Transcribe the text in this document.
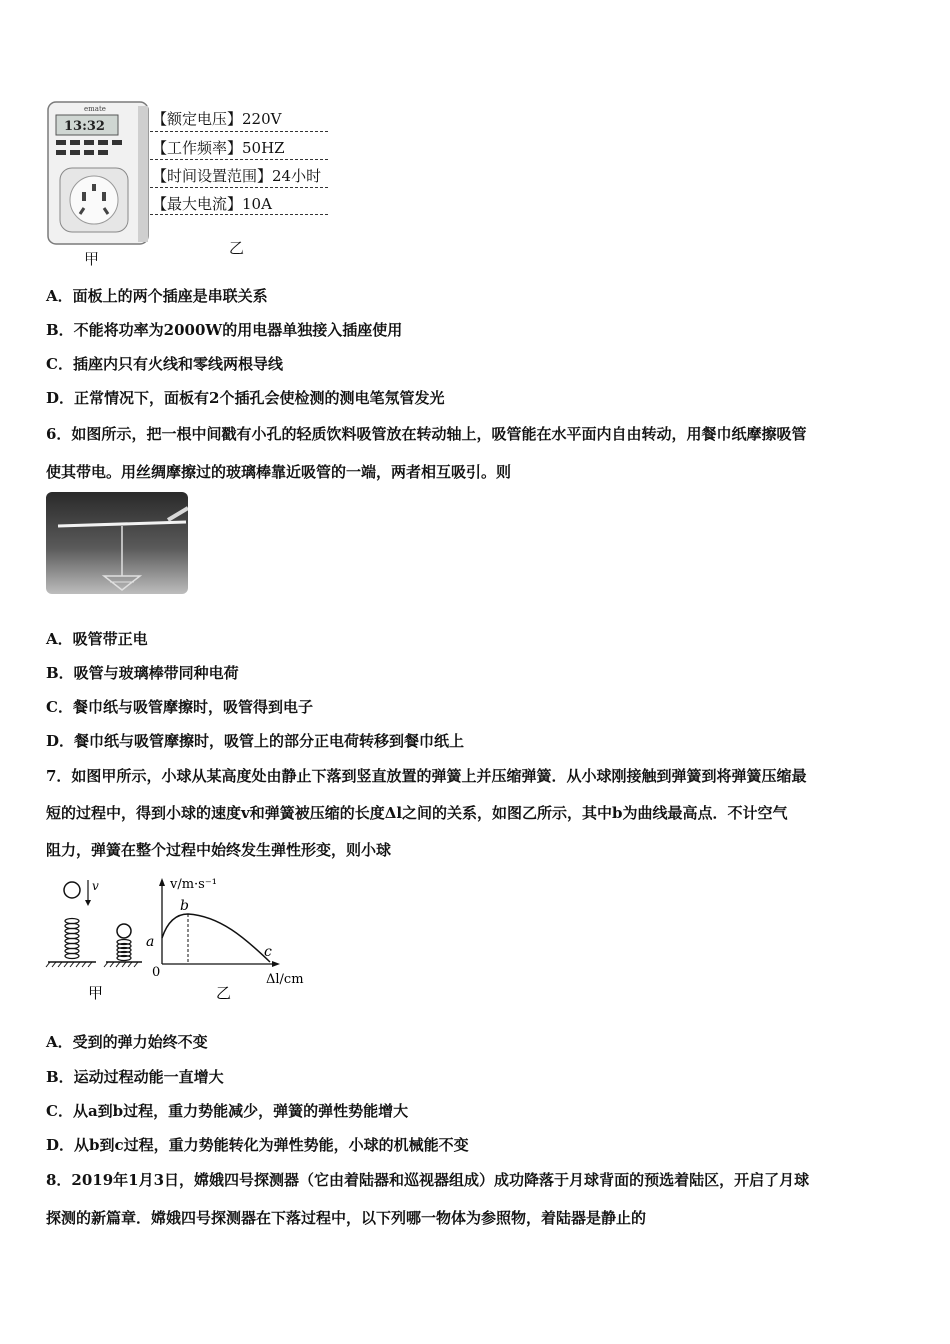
emate
13:32
甲
乙
【额定电压】220V
【工作频率】50HZ
【时间设置范围】24小时
【最大电流】10A
A．面板上的两个插座是串联关系
B．不能将功率为2000W的用电器单独接入插座使用
C．插座内只有火线和零线两根导线
D．正常情况下，面板有2个插孔会使检测的测电笔氖管发光
6．如图所示，把一根中间戳有小孔的轻质饮料吸管放在转动轴上，吸管能在水平面内自由转动，用餐巾纸摩擦吸管
使其带电。用丝绸摩擦过的玻璃棒靠近吸管的一端，两者相互吸引。则
A．吸管带正电
B．吸管与玻璃棒带同种电荷
C．餐巾纸与吸管摩擦时，吸管得到电子
D．餐巾纸与吸管摩擦时，吸管上的部分正电荷转移到餐巾纸上
7．如图甲所示，小球从某高度处由静止下落到竖直放置的弹簧上并压缩弹簧．从小球刚接触到弹簧到将弹簧压缩最
短的过程中，得到小球的速度v和弹簧被压缩的长度Δl之间的关系，如图乙所示，其中b为曲线最高点．不计空气
阻力，弹簧在整个过程中始终发生弹性形变，则小球
v	v/m·s⁻¹
Δl/cm
0
a
b
c
甲	乙
A．受到的弹力始终不变
B．运动过程动能一直增大
C．从a到b过程，重力势能减少，弹簧的弹性势能增大
D．从b到c过程，重力势能转化为弹性势能，小球的机械能不变
8．2019年1月3日，嫦娥四号探测器（它由着陆器和巡视器组成）成功降落于月球背面的预选着陆区，开启了月球
探测的新篇章．嫦娥四号探测器在下落过程中，以下列哪一物体为参照物，着陆器是静止的
